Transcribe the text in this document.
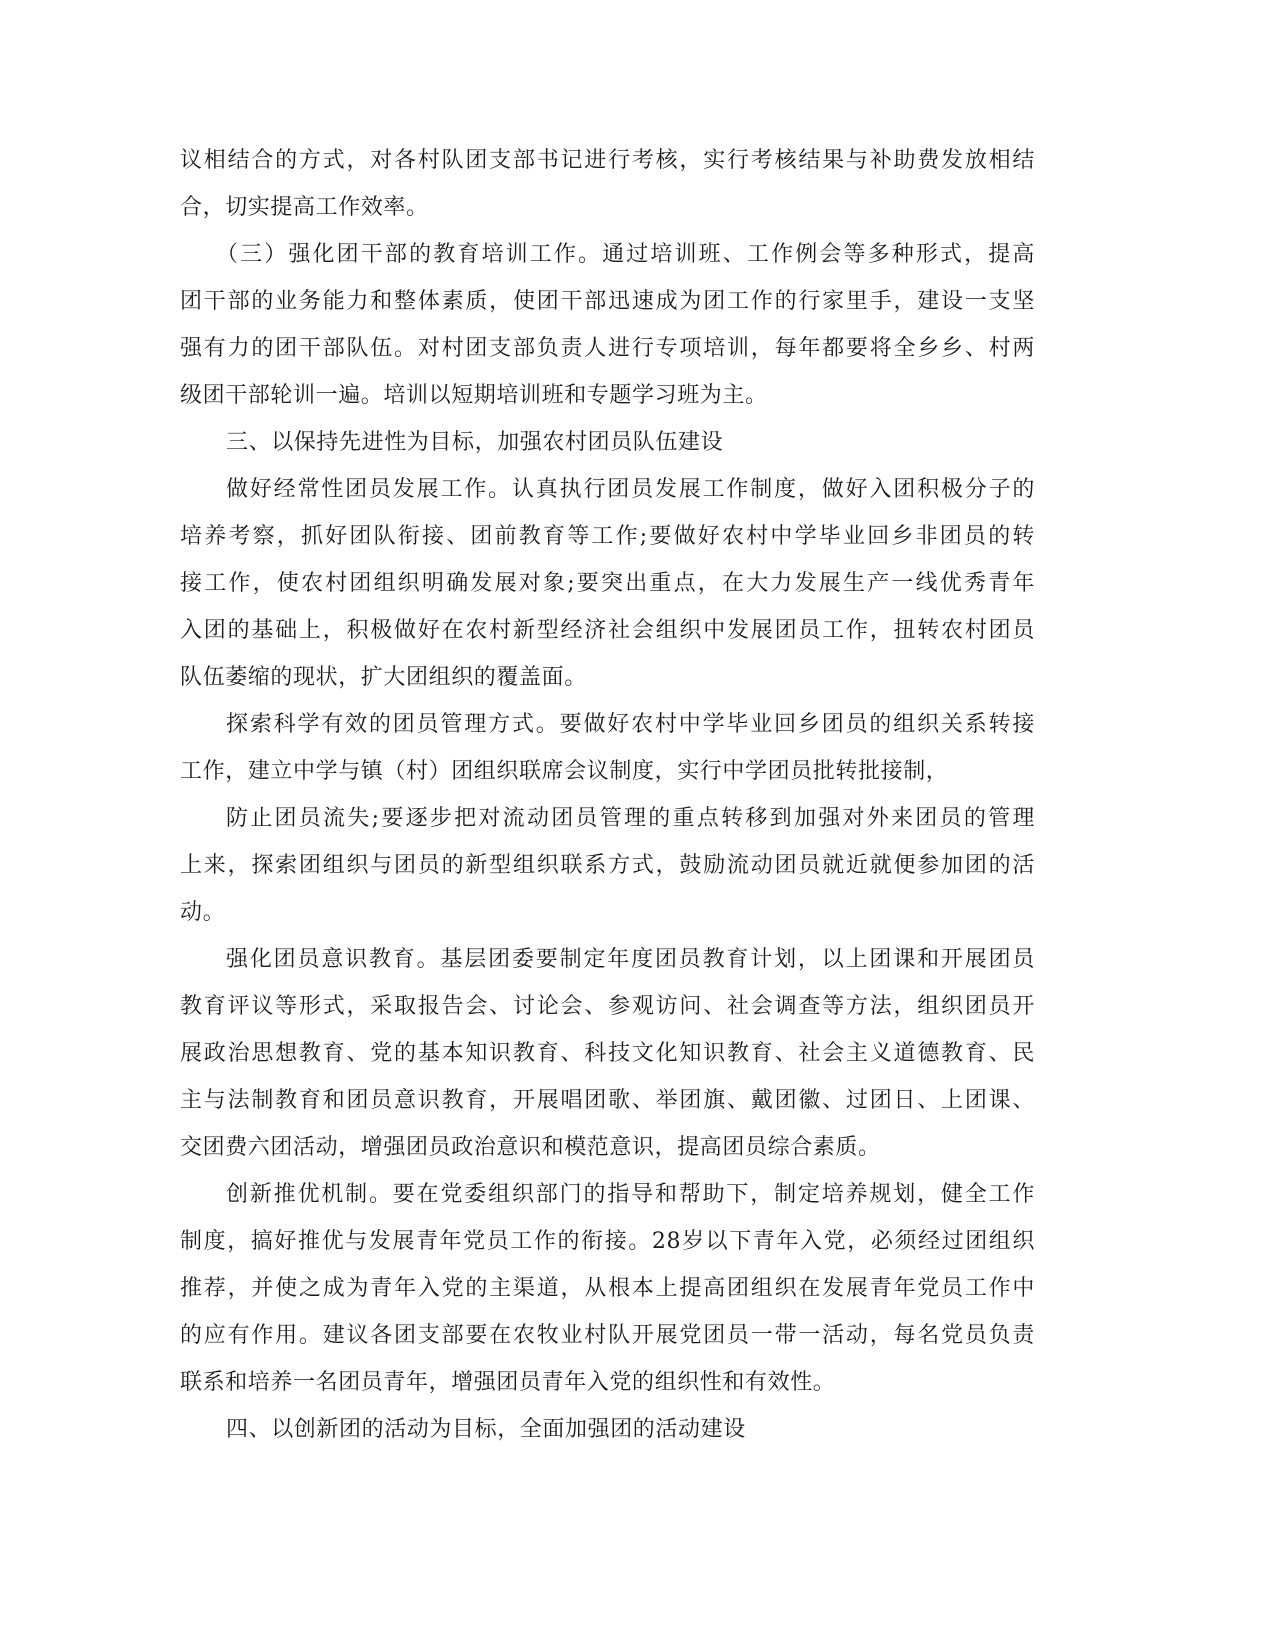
议相结合的方式，对各村队团支部书记进行考核，实行考核结果与补助费发放相结
合，切实提高工作效率。
（三）强化团干部的教育培训工作。通过培训班、工作例会等多种形式，提高
团干部的业务能力和整体素质，使团干部迅速成为团工作的行家里手，建设一支坚
强有力的团干部队伍。对村团支部负责人进行专项培训，每年都要将全乡乡、村两
级团干部轮训一遍。培训以短期培训班和专题学习班为主。
三、以保持先进性为目标，加强农村团员队伍建设
做好经常性团员发展工作。认真执行团员发展工作制度，做好入团积极分子的
培养考察，抓好团队衔接、团前教育等工作;要做好农村中学毕业回乡非团员的转
接工作，使农村团组织明确发展对象;要突出重点，在大力发展生产一线优秀青年
入团的基础上，积极做好在农村新型经济社会组织中发展团员工作，扭转农村团员
队伍萎缩的现状，扩大团组织的覆盖面。
探索科学有效的团员管理方式。要做好农村中学毕业回乡团员的组织关系转接
工作，建立中学与镇（村）团组织联席会议制度，实行中学团员批转批接制，
防止团员流失;要逐步把对流动团员管理的重点转移到加强对外来团员的管理
上来，探索团组织与团员的新型组织联系方式，鼓励流动团员就近就便参加团的活
动。
强化团员意识教育。基层团委要制定年度团员教育计划，以上团课和开展团员
教育评议等形式，采取报告会、讨论会、参观访问、社会调查等方法，组织团员开
展政治思想教育、党的基本知识教育、科技文化知识教育、社会主义道德教育、民
主与法制教育和团员意识教育，开展唱团歌、举团旗、戴团徽、过团日、上团课、
交团费六团活动，增强团员政治意识和模范意识，提高团员综合素质。
创新推优机制。要在党委组织部门的指导和帮助下，制定培养规划，健全工作
制度，搞好推优与发展青年党员工作的衔接。28岁以下青年入党，必须经过团组织
推荐，并使之成为青年入党的主渠道，从根本上提高团组织在发展青年党员工作中
的应有作用。建议各团支部要在农牧业村队开展党团员一带一活动，每名党员负责
联系和培养一名团员青年，增强团员青年入党的组织性和有效性。
四、以创新团的活动为目标，全面加强团的活动建设
